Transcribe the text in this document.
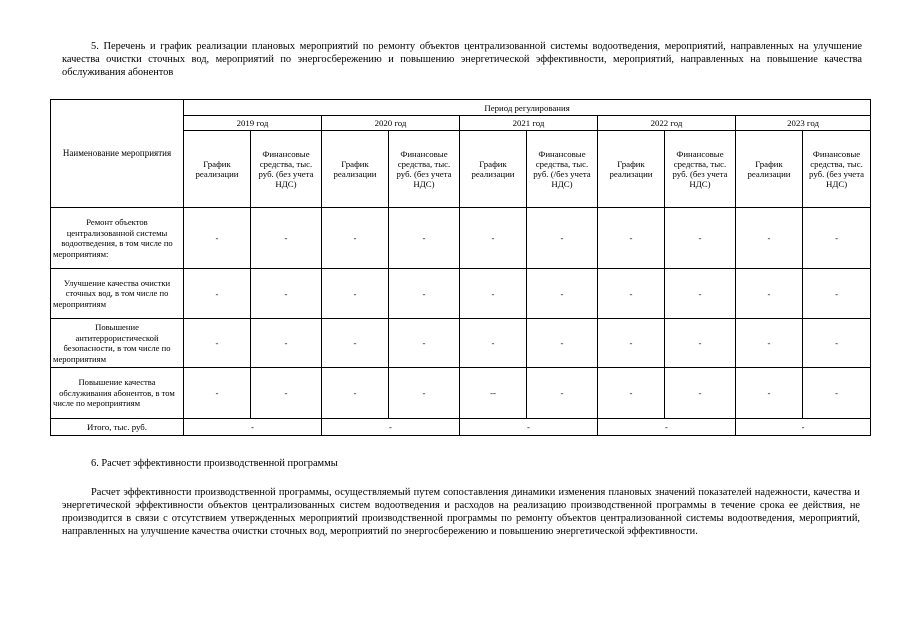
5. Перечень и график реализации плановых мероприятий по ремонту объектов централизованной системы водоотведения, мероприятий, направленных на улучшение качества очистки сточных вод, мероприятий по энергосбережению и повышению энергетической эффективности, мероприятий, направленных на повышение качества обслуживания абонентов
Наименование мероприятия	Период регулирования									
	2019 год		2020 год		2021 год		2022 год		2023 год	
	График реализации	Финансовые средства, тыс. руб. (без учета НДС)	График реализации	Финансовые средства, тыс. руб. (без учета НДС)	График реализации	Финансовые средства, тыс. руб. (/без учета НДС)	График реализации	Финансовые средства, тыс. руб. (без учета НДС)	График реализации	Финансовые средства, тыс. руб. (без учета НДС)
Ремонт объектов централизованной системы водоотведения, в том числе по мероприятиям:	-	-	-	-	-	-	-	-	-	-
Улучшение качества очистки сточных вод, в том числе по мероприятиям	-	-	-	-	-	-	-	-	-	-
Повышение антитеррористической безопасности, в том числе по мероприятиям	-	-	-	-	-	-	-	-	-	-
Повышение качества обслуживания абонентов, в том числе по мероприятиям	-	-	-	-	--	-	-	-	-	-
Итого, тыс. руб.	-		-		-		-		-	
6. Расчет эффективности производственной программы
Расчет эффективности производственной программы, осуществляемый путем сопоставления динамики изменения плановых значений показателей надежности, качества и энергетической эффективности объектов централизованных систем водоотведения и расходов на реализацию производственной программы в течение срока ее действия, не производится в связи с отсутствием утвержденных мероприятий производственной программы по ремонту объектов централизованной системы водоотведения, мероприятий, направленных на улучшение качества очистки сточных вод, мероприятий по энергосбережению и повышению энергетической эффективности.
